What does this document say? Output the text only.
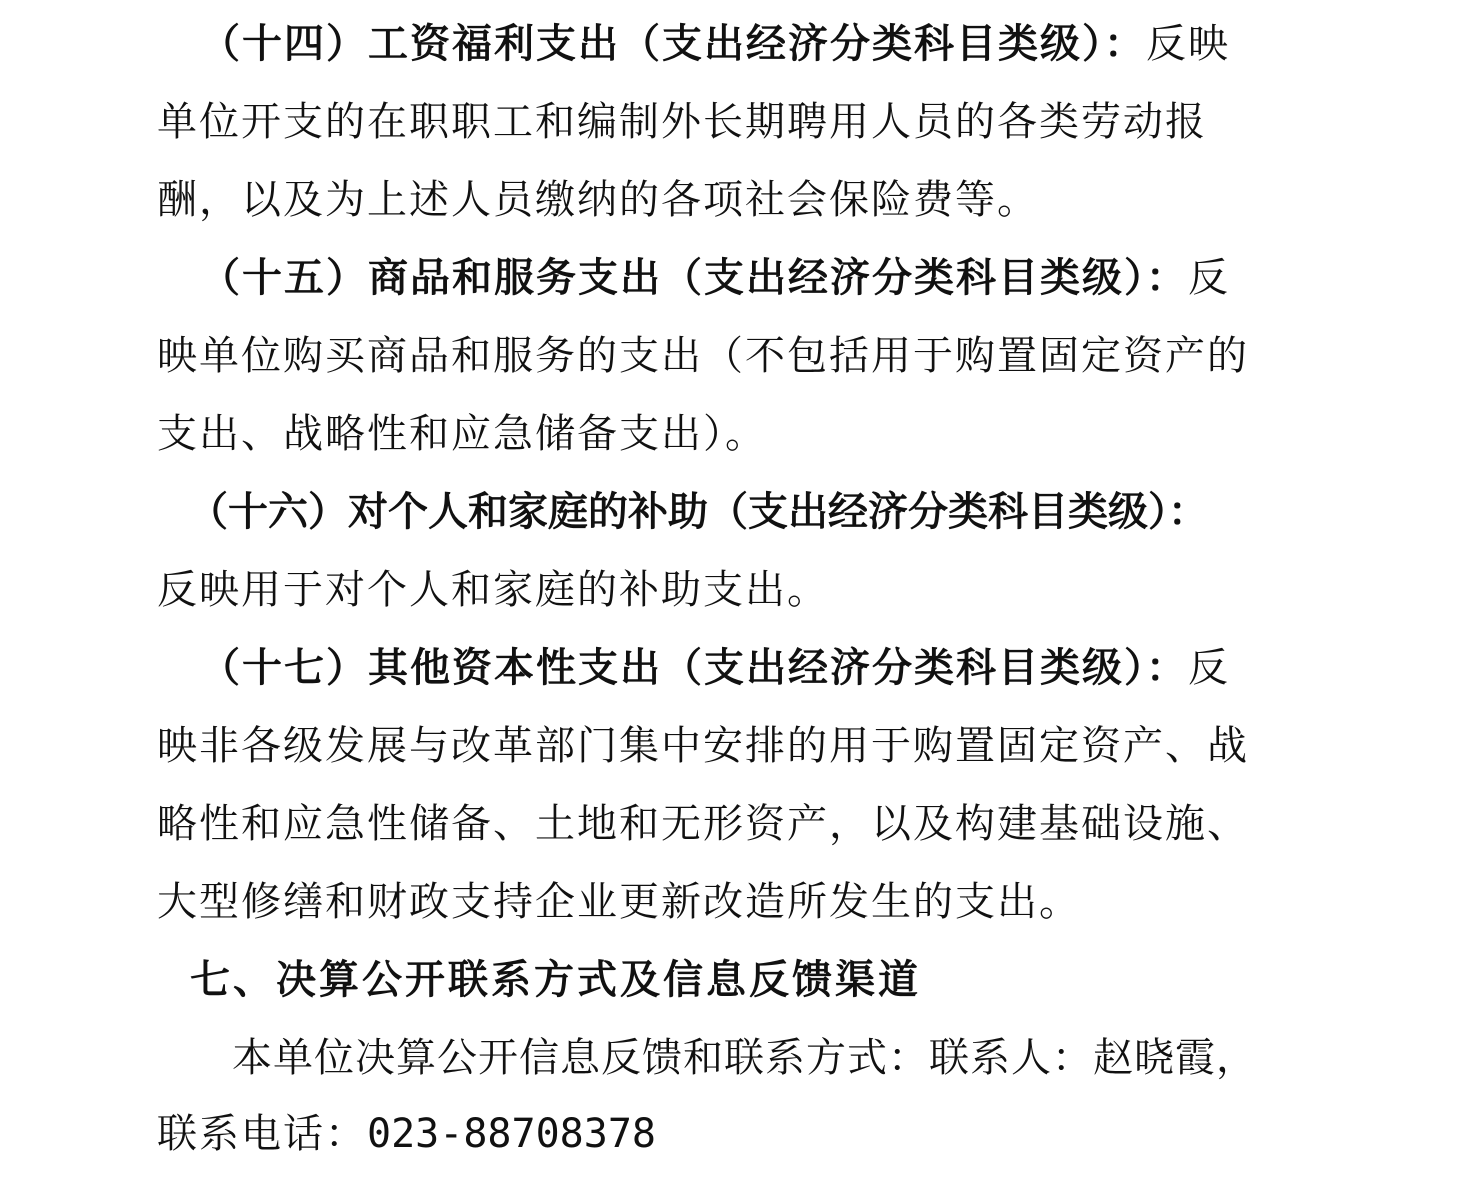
（十四）工资福利支出（支出经济分类科目类级）：反映
单位开支的在职职工和编制外长期聘用人员的各类劳动报
酬，以及为上述人员缴纳的各项社会保险费等。
（十五）商品和服务支出（支出经济分类科目类级）：反
映单位购买商品和服务的支出（不包括用于购置固定资产的
支出、战略性和应急储备支出）。
（十六）对个人和家庭的补助（支出经济分类科目类级）：
反映用于对个人和家庭的补助支出。
（十七）其他资本性支出（支出经济分类科目类级）：反
映非各级发展与改革部门集中安排的用于购置固定资产、战
略性和应急性储备、土地和无形资产，以及构建基础设施、
大型修缮和财政支持企业更新改造所发生的支出。
七、决算公开联系方式及信息反馈渠道
本单位决算公开信息反馈和联系方式：联系人：赵晓霞，
联系电话：023-88708378
